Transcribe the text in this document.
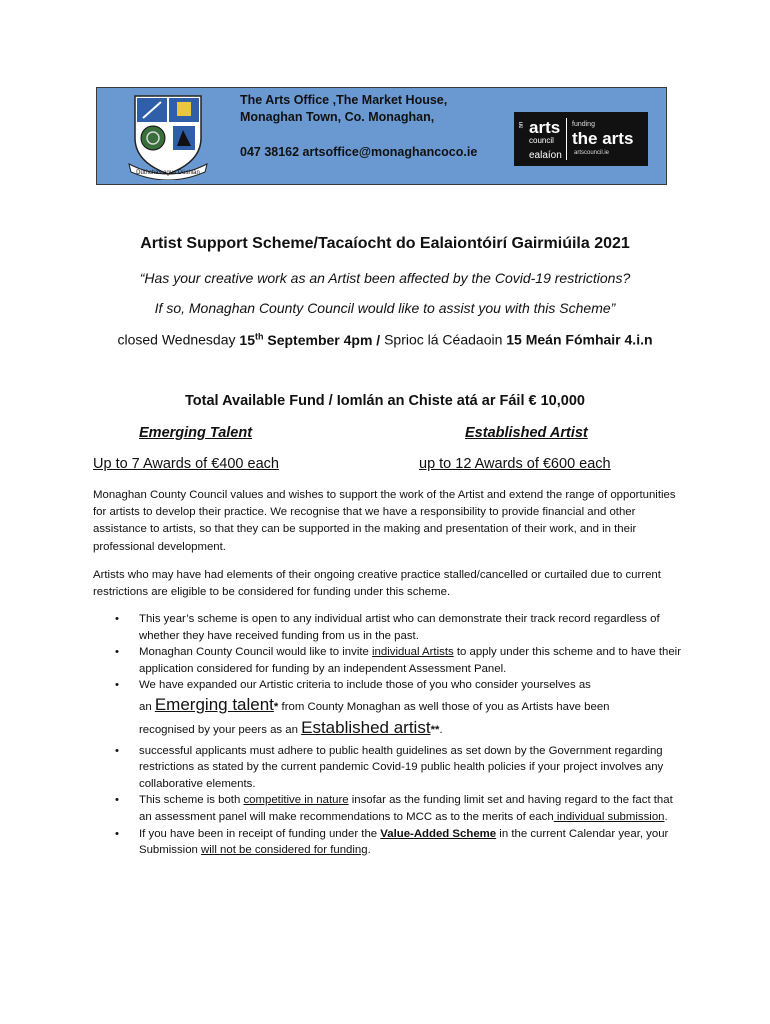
Dúthchas agus Dúshlán
The Arts Office ,The Market House,
Monaghan Town, Co. Monaghan,
047 38162 artsoffice@monaghancoco.ie
an arts
council
ealaíon
funding
the arts
artscouncil.ie
Artist Support Scheme/Tacaíocht do Ealaiontóirí Gairmiúila 2021
“Has your creative work as an Artist been affected by the Covid-19 restrictions?
If so, Monaghan County Council would like to assist you with this Scheme”
closed Wednesday 15th September 4pm / Sprioc lá Céadaoin 15 Meán Fómhair 4.i.n
Total Available Fund / Iomlán an Chiste atá ar Fáil € 10,000
Emerging Talent	Established Artist
Up to 7 Awards of €400 each	up to 12 Awards of €600 each

Monaghan County Council values and wishes to support the work of the Artist and extend the range of opportunities for artists to develop their practice. We recognise that we have a responsibility to provide financial and other assistance to artists, so that they can be supported in the making and presentation of their work, and in their professional development.

Artists who may have had elements of their ongoing creative practice stalled/cancelled or curtailed due to current restrictions are eligible to be considered for funding under this scheme.

• This year’s scheme is open to any individual artist who can demonstrate their track record regardless of whether they have received funding from us in the past.
• Monaghan County Council would like to invite individual Artists to apply under this scheme and to have their application considered for funding by an independent Assessment Panel.
• We have expanded our Artistic criteria to include those of you who consider yourselves as
an Emerging talent* from County Monaghan as well those of you as Artists have been
recognised by your peers as an Established artist**.
• successful applicants must adhere to public health guidelines as set down by the Government regarding restrictions as stated by the current pandemic Covid-19 public health policies if your project involves any collaborative elements.
• This scheme is both competitive in nature insofar as the funding limit set and having regard to the fact that an assessment panel will make recommendations to MCC as to the merits of each individual submission.
• If you have been in receipt of funding under the Value-Added Scheme in the current Calendar year, your Submission will not be considered for funding.
